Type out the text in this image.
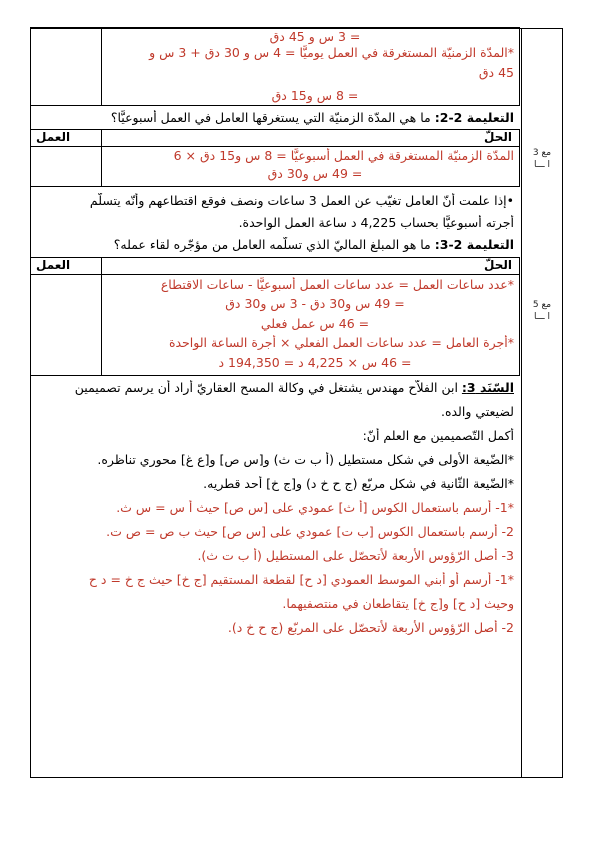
مع 3
ا ـــا
مع 5
ا ـــا
= 3 س و 45 دق
*المدّة الزمنيّة المستغرقة في العمل يوميًّا = 4 س و 30 دق + 3 س و
45 دق
= 8 س و15 دق
التعليمة 2-2: ما هي المدّة الزمنيّة التي يستغرقها العامل في العمل أسبوعيًّا؟
الحلّ
العمل
المدّة الزمنيّة المستغرقة في العمل أسبوعيًّا = 8 س و15 دق × 6
= 49 س و30 دق
•إذا علمت أنّ العامل تغيّب عن العمل 3 ساعات ونصف فوقع اقتطاعهم وأنّه يتسلّم
أجرته أسبوعيًّا بحساب 4,225 د ساعة العمل الواحدة.
التعليمة 2-3: ما هو المبلغ الماليّ الذي تسلّمه العامل من مؤجّره لقاء عمله؟
الحلّ
العمل
*عدد ساعات العمل = عدد ساعات العمل أسبوعيًّا - ساعات الاقتطاع
= 49 س و30 دق - 3 س و30 دق
= 46 س عمل فعلي
*أجرة العامل = عدد ساعات العمل الفعلي × أجرة الساعة الواحدة
= 46 س × 4,225 د = 194,350 د
السّنَد 3: ابن الفلاّح مهندس يشتغل في وكالة المسح العقاريّ أراد أن يرسم تصميمين
لضيعتي والده.
أكمل التّصميمين مع العلم أنّ:
*الضّيعة الأولى في شكل مستطيل (أ ب ت ث) و[س ص] و[ع غ] محوري تناظره.
*الضّيعة الثّانية في شكل مربّع (ج ح خ د) و[ج خ] أحد قطريه.
*1- أرسم باستعمال الكوس [أ ث] عمودي على [س ص] حيث أ س = س ث.
2- أرسم باستعمال الكوس [ب ت] عمودي على [س ص] حيث ب ص = ص ت.
3- أصل الرّؤوس الأربعة لأتحصّل على المستطيل (أ ب ت ث).
*1- أرسم أو أبني الموسط العمودي [د ح] لقطعة المستقيم [ج خ] حيث ج خ = د ح
وحيث [د ح] و[ج خ] يتقاطعان في منتصفيهما.
2- أصل الرّؤوس الأربعة لأتحصّل على المربّع (ج ح خ د).
